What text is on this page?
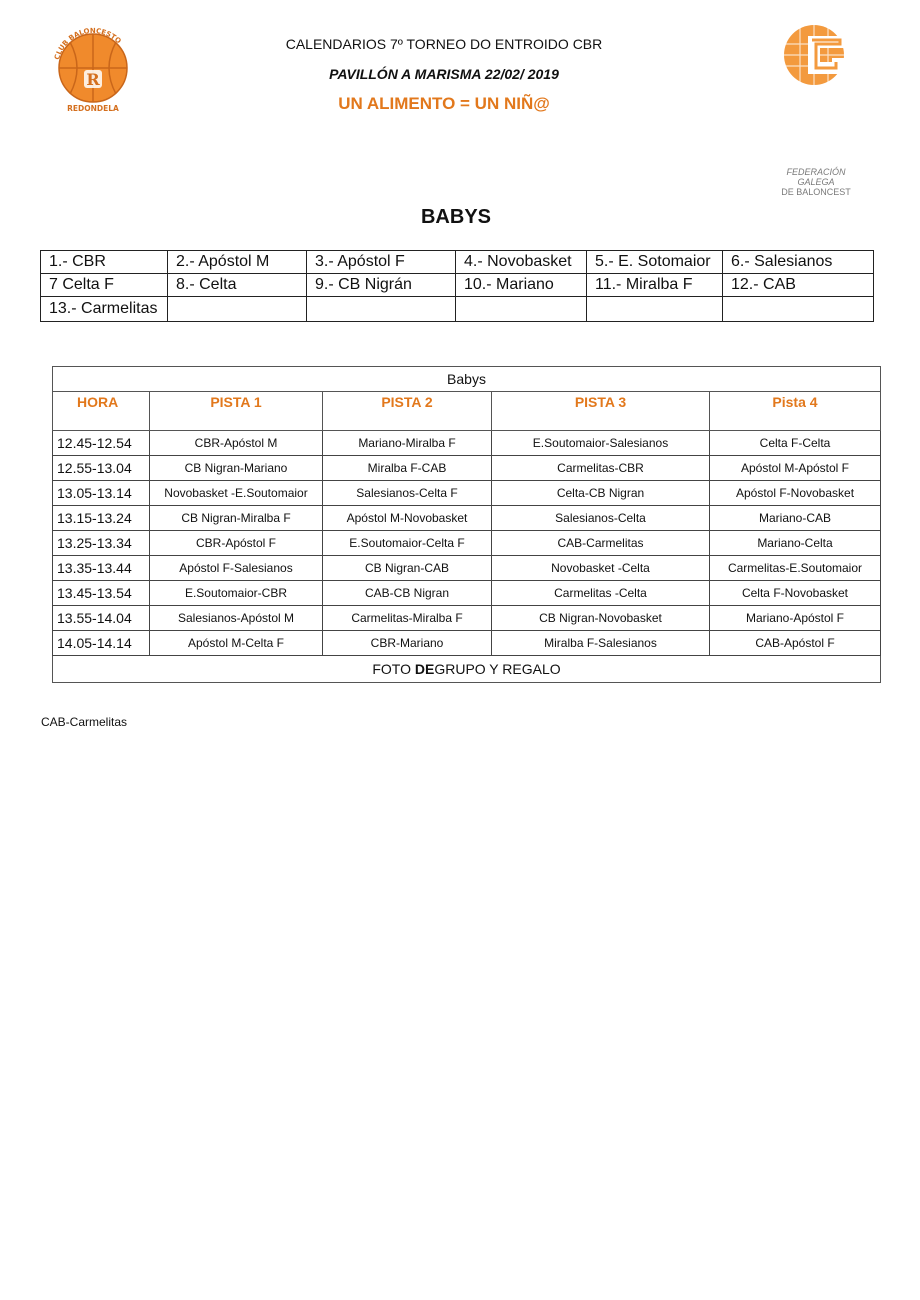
CLUB BALONCESTO
R
REDONDELA
FEDERACIÓN
GALEGA
DE BALONCEST
CALENDARIOS 7º TORNEO DO ENTROIDO CBR
PAVILLÓN A MARISMA 22/02/ 2019
UN ALIMENTO = UN NIÑ@
BABYS
1.- CBR	2.- Apóstol M	3.- Apóstol F	4.- Novobasket	5.- E. Sotomaior	6.- Salesianos
7 Celta F	8.- Celta	9.- CB Nigrán	10.- Mariano	11.- Miralba F	12.- CAB
13.- Carmelitas					
Babys				
HORA	PISTA 1	PISTA 2	PISTA 3	Pista 4
12.45-12.54	CBR-Apóstol M	Mariano-Miralba F	E.Soutomaior-Salesianos	Celta F-Celta
12.55-13.04	CB Nigran-Mariano	Miralba F-CAB	Carmelitas-CBR	Apóstol M-Apóstol F
13.05-13.14	Novobasket -E.Soutomaior	Salesianos-Celta F	Celta-CB Nigran	Apóstol F-Novobasket
13.15-13.24	CB Nigran-Miralba F	Apóstol M-Novobasket	Salesianos-Celta	Mariano-CAB
13.25-13.34	CBR-Apóstol F	E.Soutomaior-Celta F	CAB-Carmelitas	Mariano-Celta
13.35-13.44	Apóstol F-Salesianos	CB Nigran-CAB	Novobasket -Celta	Carmelitas-E.Soutomaior
13.45-13.54	E.Soutomaior-CBR	CAB-CB Nigran	Carmelitas -Celta	Celta F-Novobasket
13.55-14.04	Salesianos-Apóstol M	Carmelitas-Miralba F	CB Nigran-Novobasket	Mariano-Apóstol F
14.05-14.14	Apóstol M-Celta F	CBR-Mariano	Miralba F-Salesianos	CAB-Apóstol F
FOTO DEGRUPO Y REGALO				
CAB-Carmelitas
